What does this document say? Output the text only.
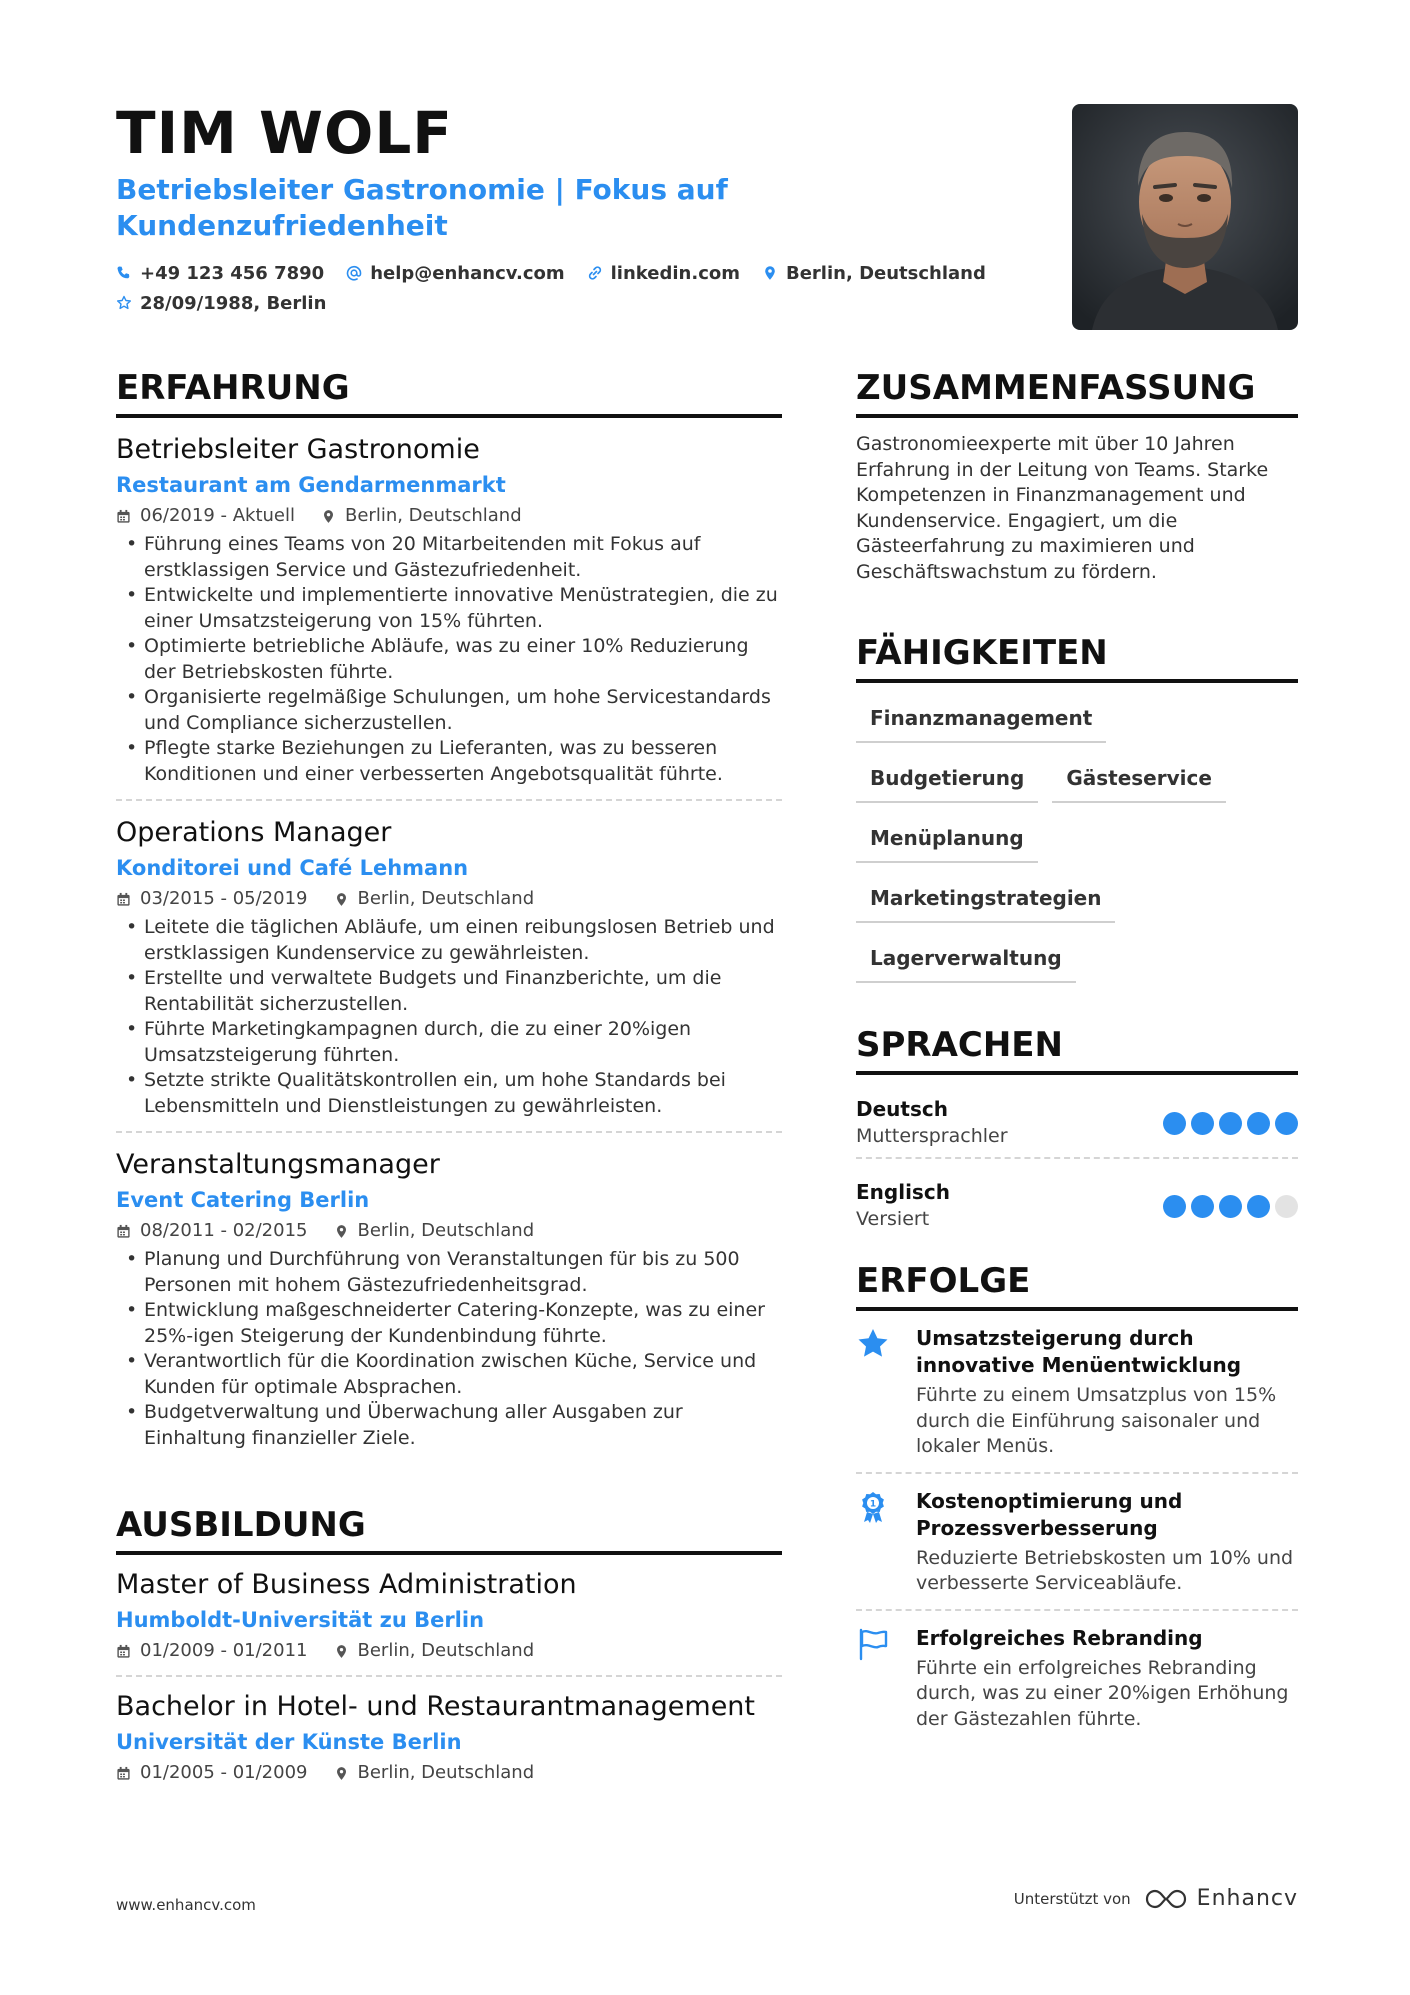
TIM WOLF
Betriebsleiter Gastronomie | Fokus auf Kundenzufriedenheit
+49 123 456 7890	help@enhancv.com	linkedin.com	Berlin, Deutschland
28/09/1988, Berlin
ERFAHRUNG
Betriebsleiter Gastronomie
Restaurant am Gendarmenmarkt
06/2019 - Aktuell	Berlin, Deutschland
• Führung eines Teams von 20 Mitarbeitenden mit Fokus auf erstklassigen Service und Gästezufriedenheit.
• Entwickelte und implementierte innovative Menüstrategien, die zu einer Umsatzsteigerung von 15% führten.
• Optimierte betriebliche Abläufe, was zu einer 10% Reduzierung der Betriebskosten führte.
• Organisierte regelmäßige Schulungen, um hohe Servicestandards und Compliance sicherzustellen.
• Pflegte starke Beziehungen zu Lieferanten, was zu besseren Konditionen und einer verbesserten Angebotsqualität führte.
Operations Manager
Konditorei und Café Lehmann
03/2015 - 05/2019	Berlin, Deutschland
• Leitete die täglichen Abläufe, um einen reibungslosen Betrieb und erstklassigen Kundenservice zu gewährleisten.
• Erstellte und verwaltete Budgets und Finanzberichte, um die Rentabilität sicherzustellen.
• Führte Marketingkampagnen durch, die zu einer 20%igen Umsatzsteigerung führten.
• Setzte strikte Qualitätskontrollen ein, um hohe Standards bei Lebensmitteln und Dienstleistungen zu gewährleisten.
Veranstaltungsmanager
Event Catering Berlin
08/2011 - 02/2015	Berlin, Deutschland
• Planung und Durchführung von Veranstaltungen für bis zu 500 Personen mit hohem Gästezufriedenheitsgrad.
• Entwicklung maßgeschneiderter Catering-Konzepte, was zu einer 25%-igen Steigerung der Kundenbindung führte.
• Verantwortlich für die Koordination zwischen Küche, Service und Kunden für optimale Absprachen.
• Budgetverwaltung und Überwachung aller Ausgaben zur Einhaltung finanzieller Ziele.
AUSBILDUNG
Master of Business Administration
Humboldt-Universität zu Berlin
01/2009 - 01/2011	Berlin, Deutschland
Bachelor in Hotel- und Restaurantmanagement
Universität der Künste Berlin
01/2005 - 01/2009	Berlin, Deutschland
ZUSAMMENFASSUNG
Gastronomieexperte mit über 10 Jahren Erfahrung in der Leitung von Teams. Starke Kompetenzen in Finanzmanagement und Kundenservice. Engagiert, um die Gästeerfahrung zu maximieren und Geschäftswachstum zu fördern.
FÄHIGKEITEN
Finanzmanagement
Budgetierung	Gästeservice
Menüplanung
Marketingstrategien
Lagerverwaltung
SPRACHEN
Deutsch
Muttersprachler
Englisch
Versiert
ERFOLGE
Umsatzsteigerung durch innovative Menüentwicklung
Führte zu einem Umsatzplus von 15% durch die Einführung saisonaler und lokaler Menüs.
1 Kostenoptimierung und Prozessverbesserung
Reduzierte Betriebskosten um 10% und verbesserte Serviceabläufe.
Erfolgreiches Rebranding
Führte ein erfolgreiches Rebranding durch, was zu einer 20%igen Erhöhung der Gästezahlen führte.
www.enhancv.com	Unterstützt von	Enhancv
